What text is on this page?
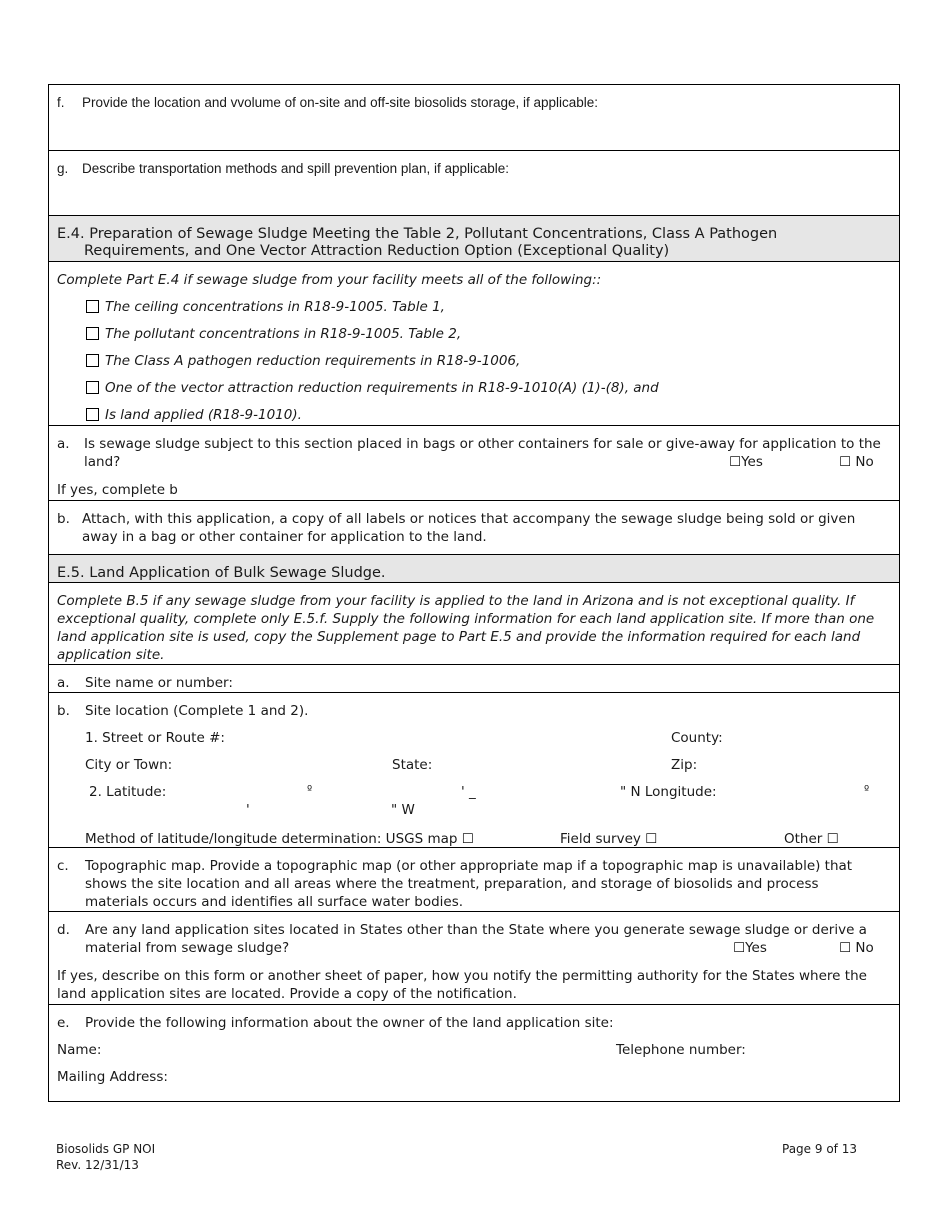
f. Provide the location and vvolume of on-site and off-site biosolids storage, if applicable:
g. Describe transportation methods and spill prevention plan, if applicable:
E.4. Preparation of Sewage Sludge Meeting the Table 2, Pollutant Concentrations, Class A Pathogen
Requirements, and One Vector Attraction Reduction Option (Exceptional Quality)
Complete Part E.4 if sewage sludge from your facility meets all of the following::
The ceiling concentrations in R18-9-1005. Table 1,
The pollutant concentrations in R18-9-1005. Table 2,
The Class A pathogen reduction requirements in R18-9-1006,
One of the vector attraction reduction requirements in R18-9-1010(A) (1)-(8), and
Is land applied (R18-9-1010).
a. Is sewage sludge subject to this section placed in bags or other containers for sale or give-away for application to the
land?	☐Yes	☐ No
If yes, complete b
b. Attach, with this application, a copy of all labels or notices that accompany the sewage sludge being sold or given
away in a bag or other container for application to the land.
E.5. Land Application of Bulk Sewage Sludge.
Complete B.5 if any sewage sludge from your facility is applied to the land in Arizona and is not exceptional quality. If
exceptional quality, complete only E.5.f. Supply the following information for each land application site. If more than one
land application site is used, copy the Supplement page to Part E.5 and provide the information required for each land
application site.
a. Site name or number:
b. Site location (Complete 1 and 2).
1. Street or Route #:	County:
City or Town:	State:	Zip:
2. Latitude:	º	' _	" N Longitude:	º
'	" W
Method of latitude/longitude determination: USGS map ☐	Field survey ☐	Other ☐
c. Topographic map. Provide a topographic map (or other appropriate map if a topographic map is unavailable) that
shows the site location and all areas where the treatment, preparation, and storage of biosolids and process
materials occurs and identifies all surface water bodies.
d. Are any land application sites located in States other than the State where you generate sewage sludge or derive a
material from sewage sludge?	☐Yes	☐ No
If yes, describe on this form or another sheet of paper, how you notify the permitting authority for the States where the
land application sites are located. Provide a copy of the notification.
e. Provide the following information about the owner of the land application site:
Name:	Telephone number:
Mailing Address:
Biosolids GP NOI
Rev. 12/31/13
Page 9 of 13
